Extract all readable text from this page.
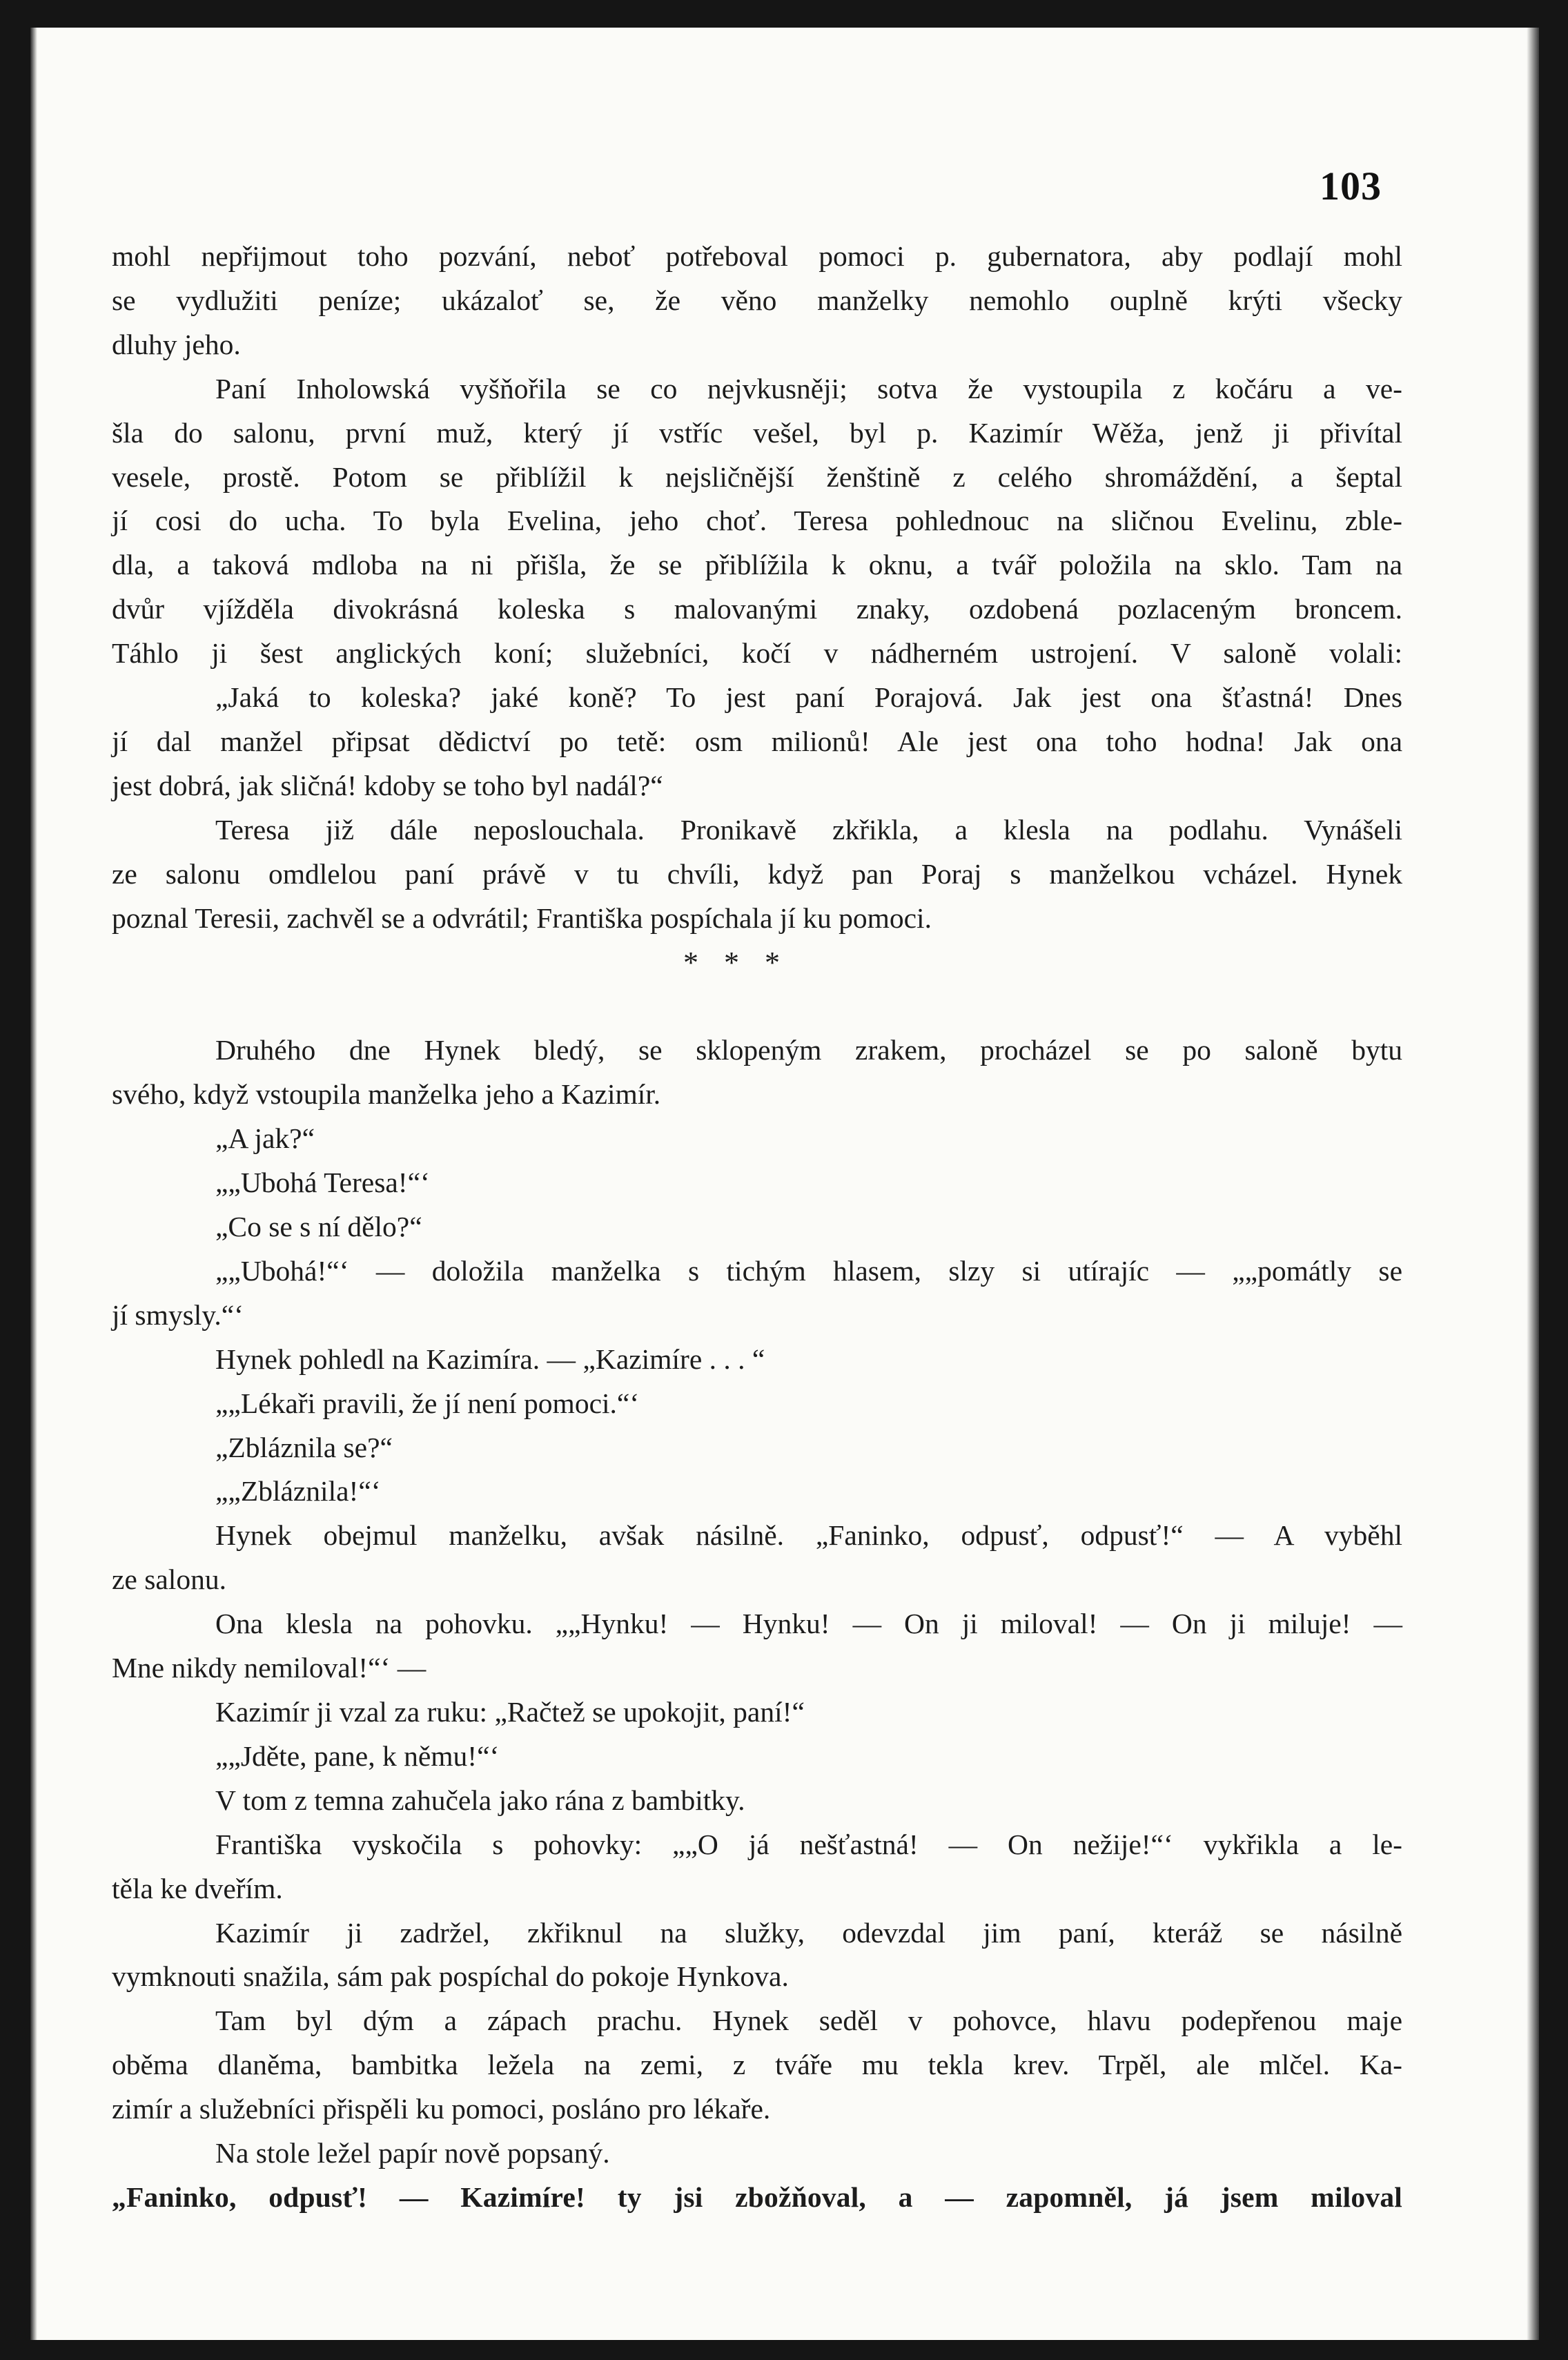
103
mohl nepřijmout toho pozvání, neboť potřeboval pomoci p. gubernatora, aby podlají mohl
se vydlužiti peníze; ukázaloť se, že věno manželky nemohlo ouplně krýti všecky
dluhy jeho.
Paní Inholowská vyšňořila se co nejvkusněji; sotva že vystoupila z kočáru a ve-
šla do salonu, první muž, který jí vstříc vešel, byl p. Kazimír Wěža, jenž ji přivítal
vesele, prostě. Potom se přiblížil k nejsličnější ženštině z celého shromáždění, a šeptal
jí cosi do ucha. To byla Evelina, jeho choť. Teresa pohlednouc na sličnou Evelinu, zble-
dla, a taková mdloba na ni přišla, že se přiblížila k oknu, a tvář položila na sklo. Tam na
dvůr vjížděla divokrásná koleska s malovanými znaky, ozdobená pozlaceným broncem.
Táhlo ji šest anglických koní; služebníci, kočí v nádherném ustrojení. V saloně volali:
„Jaká to koleska? jaké koně? To jest paní Porajová. Jak jest ona šťastná! Dnes
jí dal manžel připsat dědictví po tetě: osm milionů! Ale jest ona toho hodna! Jak ona
jest dobrá, jak sličná! kdoby se toho byl nadál?“
Teresa již dále neposlouchala. Pronikavě zkřikla, a klesla na podlahu. Vynášeli
ze salonu omdlelou paní právě v tu chvíli, když pan Poraj s manželkou vcházel. Hynek
poznal Teresii, zachvěl se a odvrátil; Františka pospíchala jí ku pomoci.
* * *
Druhého dne Hynek bledý, se sklopeným zrakem, procházel se po saloně bytu
svého, když vstoupila manželka jeho a Kazimír.
„A jak?“
„„Ubohá Teresa!“‘
„Co se s ní dělo?“
„„Ubohá!“‘ — doložila manželka s tichým hlasem, slzy si utírajíc — „„pomátly se
jí smysly.“‘
Hynek pohledl na Kazimíra. — „Kazimíre . . . “
„„Lékaři pravili, že jí není pomoci.“‘
„Zbláznila se?“
„„Zbláznila!“‘
Hynek obejmul manželku, avšak násilně. „Faninko, odpusť, odpusť!“ — A vyběhl
ze salonu.
Ona klesla na pohovku. „„Hynku! — Hynku! — On ji miloval! — On ji miluje! —
Mne nikdy nemiloval!“‘ —
Kazimír ji vzal za ruku: „Račtež se upokojit, paní!“
„„Jděte, pane, k němu!“‘
V tom z temna zahučela jako rána z bambitky.
Františka vyskočila s pohovky: „„O já nešťastná! — On nežije!“‘ vykřikla a le-
těla ke dveřím.
Kazimír ji zadržel, zkřiknul na služky, odevzdal jim paní, kteráž se násilně
vymknouti snažila, sám pak pospíchal do pokoje Hynkova.
Tam byl dým a zápach prachu. Hynek seděl v pohovce, hlavu podepřenou maje
oběma dlaněma, bambitka ležela na zemi, z tváře mu tekla krev. Trpěl, ale mlčel. Ka-
zimír a služebníci přispěli ku pomoci, posláno pro lékaře.
Na stole ležel papír nově popsaný.
„Faninko, odpusť! — Kazimíre! ty jsi zbožňoval, a — zapomněl, já jsem miloval
